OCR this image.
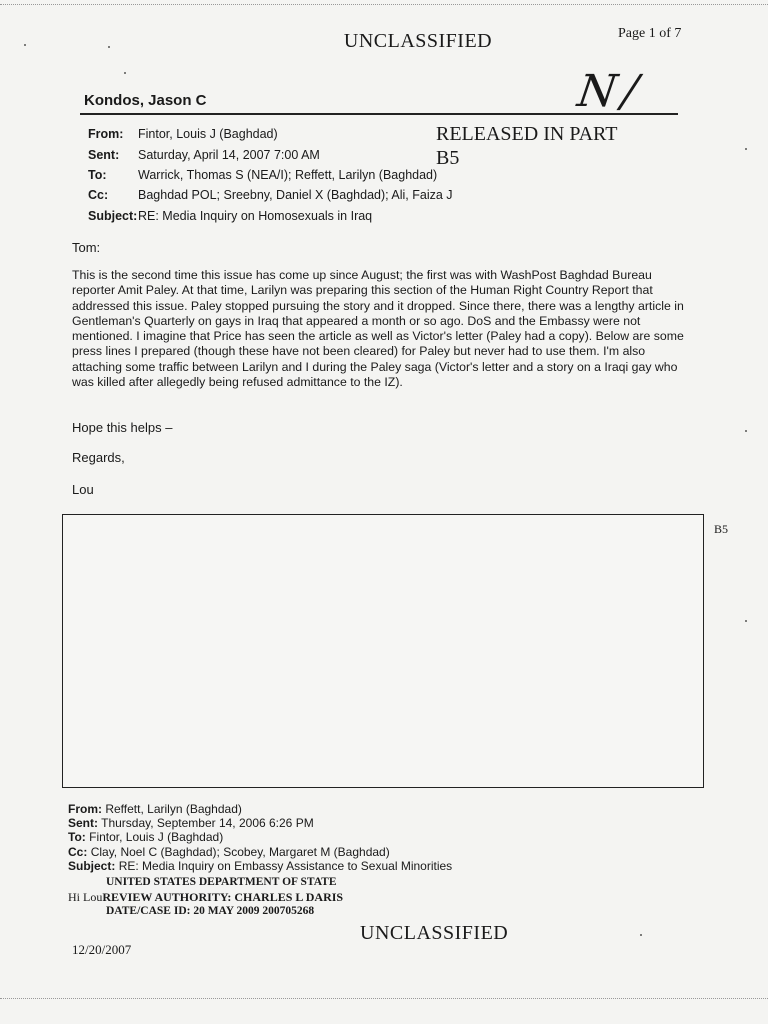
UNCLASSIFIED	Page 1 of 7
N/
Kondos, Jason C
RELEASED IN PART
B5
From: Fintor, Louis J (Baghdad)
Sent: Saturday, April 14, 2007 7:00 AM
To:	Warrick, Thomas S (NEA/I); Reffett, Larilyn (Baghdad)
Cc: Baghdad POL; Sreebny, Daniel X (Baghdad); Ali, Faiza J
Subject: RE: Media Inquiry on Homosexuals in Iraq
Tom:
This is the second time this issue has come up since August; the first was with WashPost Baghdad Bureau reporter Amit Paley. At that time, Larilyn was preparing this section of the Human Right Country Report that addressed this issue. Paley stopped pursuing the story and it dropped. Since there, there was a lengthy article in Gentleman's Quarterly on gays in Iraq that appeared a month or so ago. DoS and the Embassy were not mentioned. I imagine that Price has seen the article as well as Victor's letter (Paley had a copy). Below are some press lines I prepared (though these have not been cleared) for Paley but never had to use them. I'm also attaching some traffic between Larilyn and I during the Paley saga (Victor's letter and a story on a Iraqi gay who was killed after allegedly being refused admittance to the IZ).
Hope this helps –
Regards,
Lou
B5
From: Reffett, Larilyn (Baghdad)
Sent: Thursday, September 14, 2006 6:26 PM
To: Fintor, Louis J (Baghdad)
Cc: Clay, Noel C (Baghdad); Scobey, Margaret M (Baghdad)
Subject: RE: Media Inquiry on Embassy Assistance to Sexual Minorities
UNITED STATES DEPARTMENT OF STATE
Hi LouREVIEW AUTHORITY: CHARLES L DARIS
DATE/CASE ID: 20 MAY 2009 200705268
UNCLASSIFIED
12/20/2007
